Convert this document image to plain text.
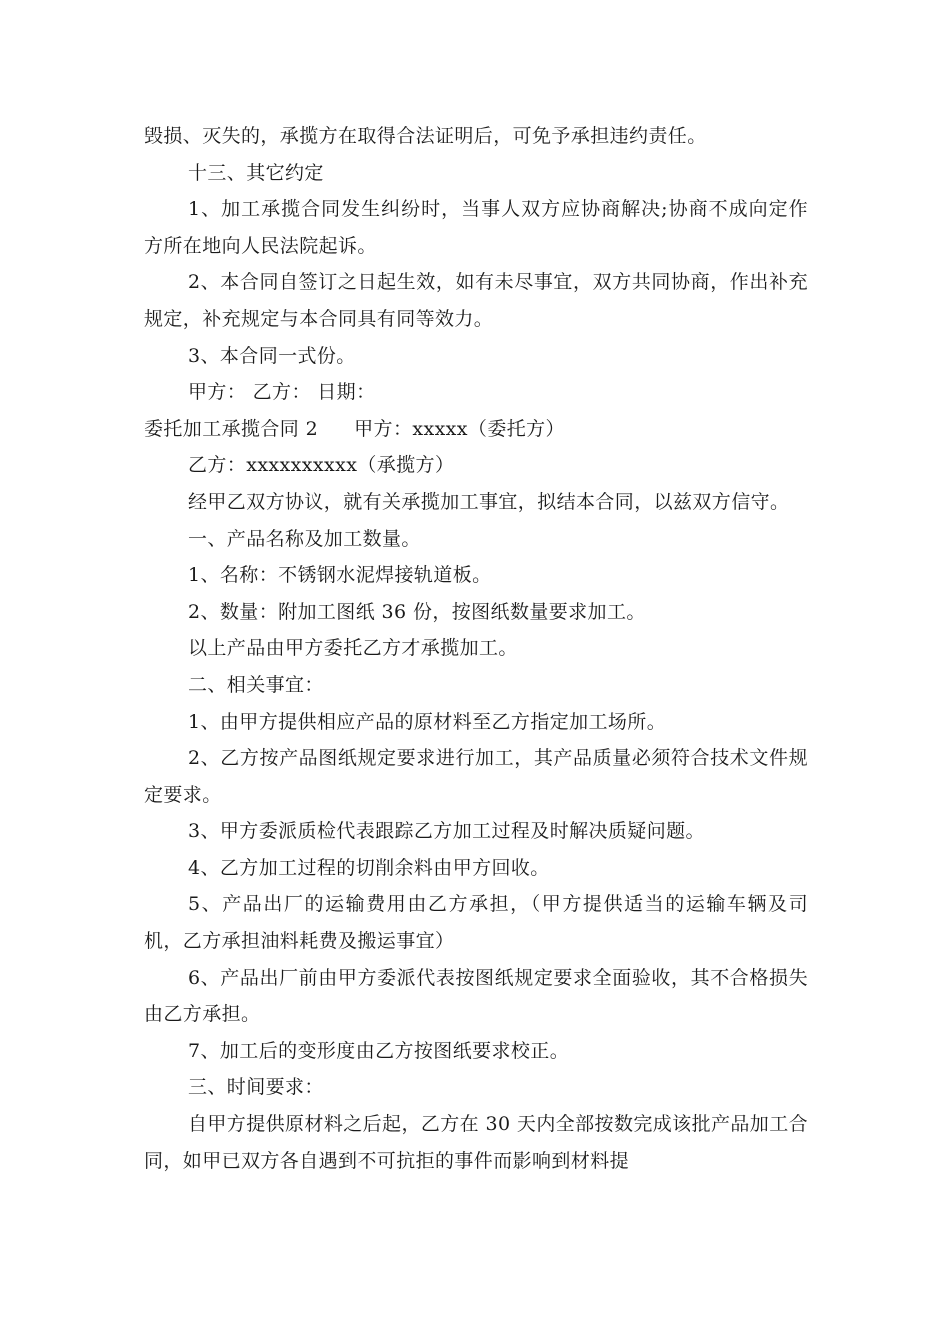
毁损、灭失的，承揽方在取得合法证明后，可免予承担违约责任。

十三、其它约定

1、加工承揽合同发生纠纷时，当事人双方应协商解决;协商不成向定作方所在地向人民法院起诉。

2、本合同自签订之日起生效，如有未尽事宜，双方共同协商，作出补充规定，补充规定与本合同具有同等效力。

3、本合同一式份。

甲方： 乙方： 日期：

委托加工承揽合同 2 甲方：xxxxx（委托方）

乙方：xxxxxxxxxx（承揽方）

经甲乙双方协议，就有关承揽加工事宜，拟结本合同，以兹双方信守。

一、产品名称及加工数量。

1、名称：不锈钢水泥焊接轨道板。

2、数量：附加工图纸 36 份，按图纸数量要求加工。

以上产品由甲方委托乙方才承揽加工。

二、相关事宜：

1、由甲方提供相应产品的原材料至乙方指定加工场所。

2、乙方按产品图纸规定要求进行加工，其产品质量必须符合技术文件规定要求。

3、甲方委派质检代表跟踪乙方加工过程及时解决质疑问题。

4、乙方加工过程的切削余料由甲方回收。

5、产品出厂的运输费用由乙方承担，（甲方提供适当的运输车辆及司机，乙方承担油料耗费及搬运事宜）

6、产品出厂前由甲方委派代表按图纸规定要求全面验收，其不合格损失由乙方承担。

7、加工后的变形度由乙方按图纸要求校正。

三、时间要求：

自甲方提供原材料之后起，乙方在 30 天内全部按数完成该批产品加工合同，如甲已双方各自遇到不可抗拒的事件而影响到材料提
